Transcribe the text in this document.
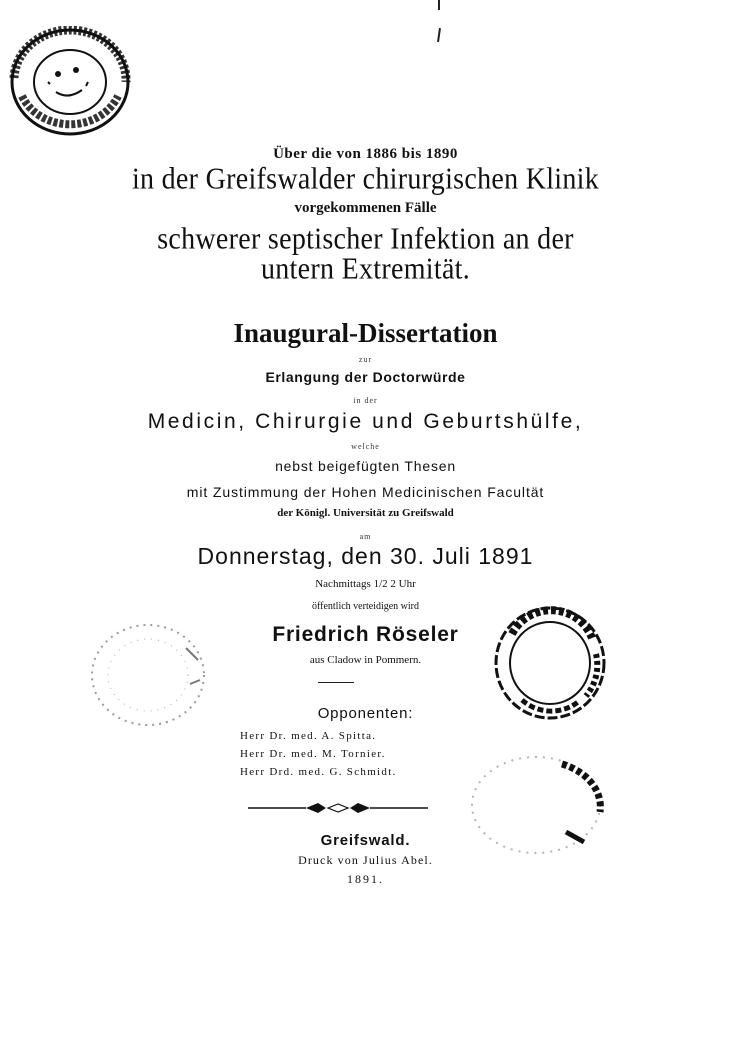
Über die von 1886 bis 1890
in der Greifswalder chirurgischen Klinik
vorgekommenen Fälle
schwerer septischer Infektion an der
untern Extremität.
Inaugural-Dissertation
zur
Erlangung der Doctorwürde
in der
Medicin, Chirurgie und Geburtshülfe,
welche
nebst beigefügten Thesen
mit Zustimmung der Hohen Medicinischen Facultät
der Königl. Universität zu Greifswald
am
Donnerstag, den 30. Juli 1891
Nachmittags 1/2 2 Uhr
öffentlich verteidigen wird
Friedrich Röseler
aus Cladow in Pommern.
Opponenten:
Herr Dr. med. A. Spitta.
Herr Dr. med. M. Tornier.
Herr Drd. med. G. Schmidt.
Greifswald.
Druck von Julius Abel.
1891.
